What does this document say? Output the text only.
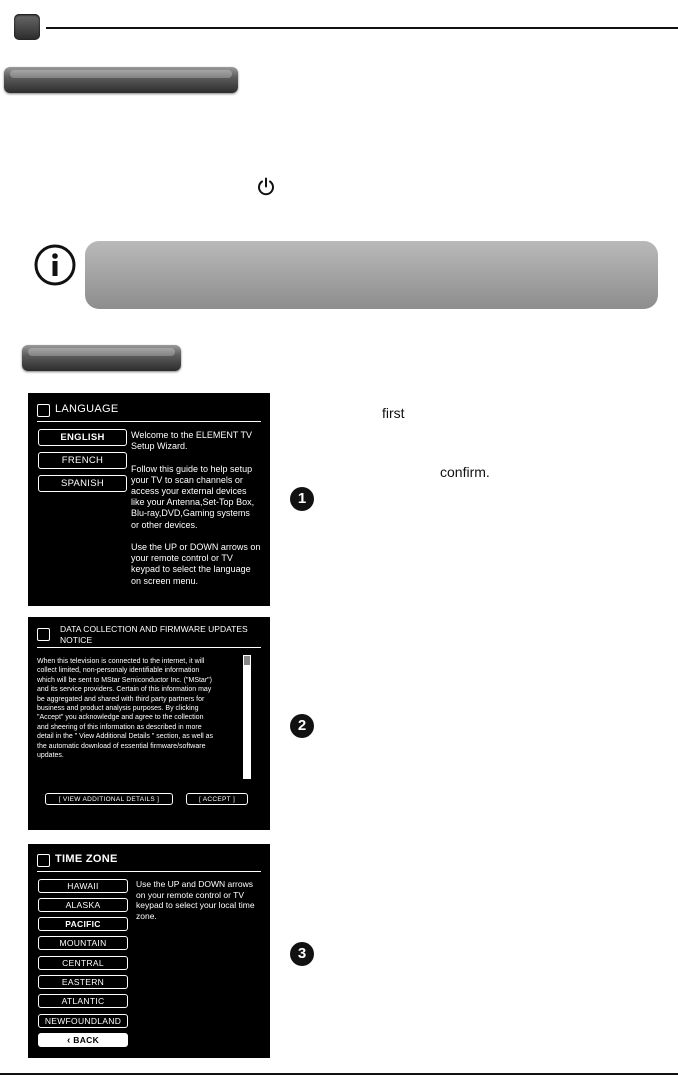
first
confirm.
1
2
3
LANGUAGE
ENGLISH
FRENCH
SPANISH
Welcome to the ELEMENT TV
Setup Wizard.

Follow this guide to help setup
your TV to scan channels or
access your external devices
like your Antenna,Set-Top Box,
Blu-ray,DVD,Gaming systems
or other devices.

Use the UP or DOWN arrows on
your remote control or TV
keypad to select the language
on screen menu.
DATA COLLECTION AND FIRMWARE UPDATES
NOTICE
When this television is connected to the internet, it will
collect limited, non-personaly identifiable information
which will be sent to MStar Semiconductor Inc. ("MStar")
and its service providers. Certain of this information may
be aggregated and shared with third party partners for
business and product analysis purposes. By clicking
"Accept" you acknowledge and agree to the collection
and sheering of this information as described in more
detail in the " View Additional Details " section, as well as
the automatic download of essential firmware/software
updates.
[ VIEW ADDITIONAL DETAILS ]	[ ACCEPT ]
TIME ZONE
HAWAII
ALASKA
PACIFIC
MOUNTAIN
CENTRAL
EASTERN
ATLANTIC
NEWFOUNDLAND
‹ BACK
Use the UP and DOWN arrows
on your remote control or TV
keypad to select your local time
zone.
